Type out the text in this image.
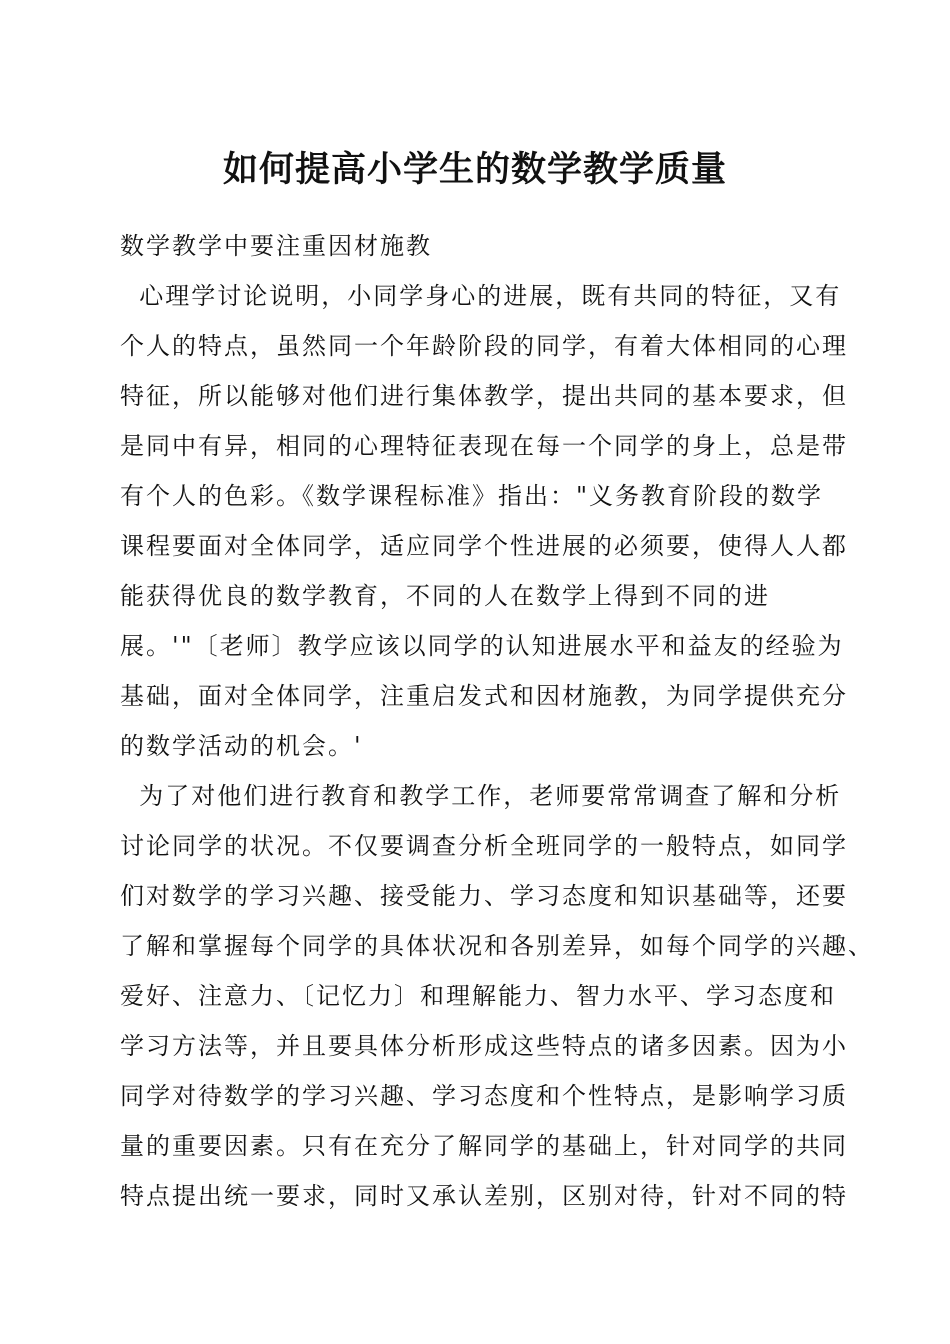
如何提高小学生的数学教学质量

数学教学中要注重因材施教

心理学讨论说明，小同学身心的进展，既有共同的特征，又有

个人的特点，虽然同一个年龄阶段的同学，有着大体相同的心理

特征，所以能够对他们进行集体教学，提出共同的基本要求，但

是同中有异，相同的心理特征表现在每一个同学的身上，总是带

有个人的色彩。《数学课程标准》指出："义务教育阶段的数学

课程要面对全体同学，适应同学个性进展的必须要，使得人人都

能获得优良的数学教育，不同的人在数学上得到不同的进

展。'"〔老师〕教学应该以同学的认知进展水平和益友的经验为

基础，面对全体同学，注重启发式和因材施教，为同学提供充分

的数学活动的机会。'

为了对他们进行教育和教学工作，老师要常常调查了解和分析

讨论同学的状况。不仅要调查分析全班同学的一般特点，如同学

们对数学的学习兴趣、接受能力、学习态度和知识基础等，还要

了解和掌握每个同学的具体状况和各别差异，如每个同学的兴趣、

爱好、注意力、〔记忆力〕和理解能力、智力水平、学习态度和

学习方法等，并且要具体分析形成这些特点的诸多因素。因为小

同学对待数学的学习兴趣、学习态度和个性特点，是影响学习质

量的重要因素。只有在充分了解同学的基础上，针对同学的共同

特点提出统一要求，同时又承认差别，区别对待，针对不同的特
